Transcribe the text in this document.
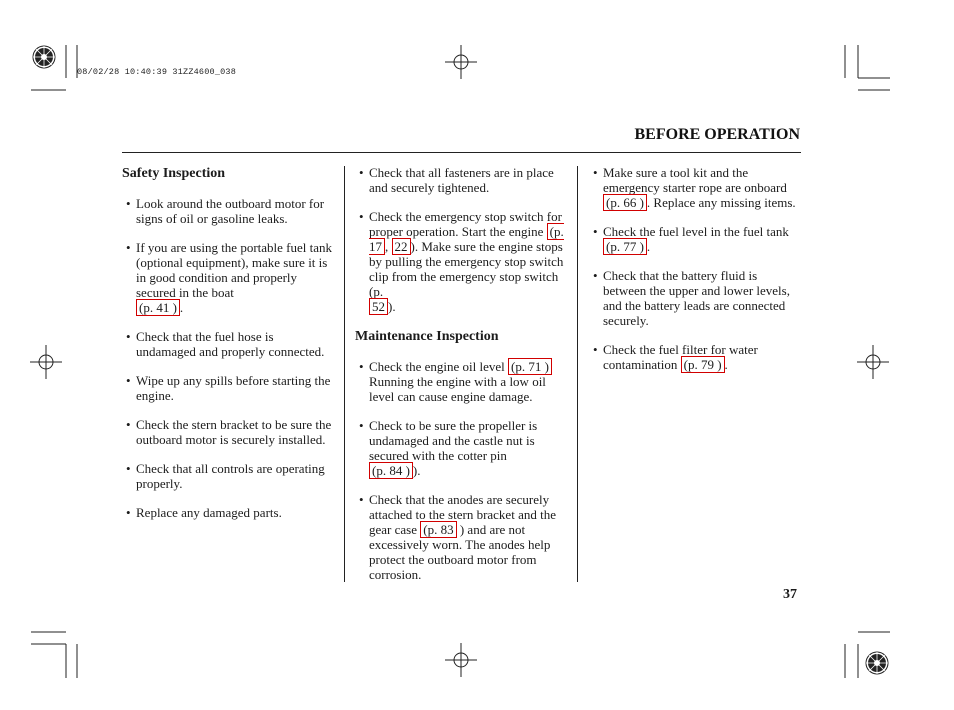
08/02/28 10:40:39 31ZZ4600_038
BEFORE OPERATION
Safety Inspection
• Look around the outboard motor for signs of oil or gasoline leaks.
• If you are using the portable fuel tank (optional equipment), make sure it is in good condition and properly secured in the boat
(p. 41 ) .
• Check that the fuel hose is undamaged and properly connected.
• Wipe up any spills before starting the engine.
• Check the stern bracket to be sure the outboard motor is securely installed.
• Check that all controls are operating properly.
• Replace any damaged parts.
• Check that all fasteners are in place and securely tightened.
• Check the emergency stop switch for proper operation. Start the engine (p. 17 , 22 ). Make sure the engine stops by pulling the emergency stop switch clip from the emergency stop switch (p.
52 ).
Maintenance Inspection
• Check the engine oil level (p. 71 ) Running the engine with a low oil level can cause engine damage.
• Check to be sure the propeller is undamaged and the castle nut is secured with the cotter pin
(p. 84 ) ).
• Check that the anodes are securely attached to the stern bracket and the gear case (p. 83 ) and are not excessively worn. The anodes help protect the outboard motor from corrosion.
• Make sure a tool kit and the emergency starter rope are onboard (p. 66 ) . Replace any missing items.
• Check the fuel level in the fuel tank (p. 77 ) .
• Check that the battery fluid is between the upper and lower levels, and the battery leads are connected securely.
• Check the fuel filter for water contamination (p. 79 ) .
37
